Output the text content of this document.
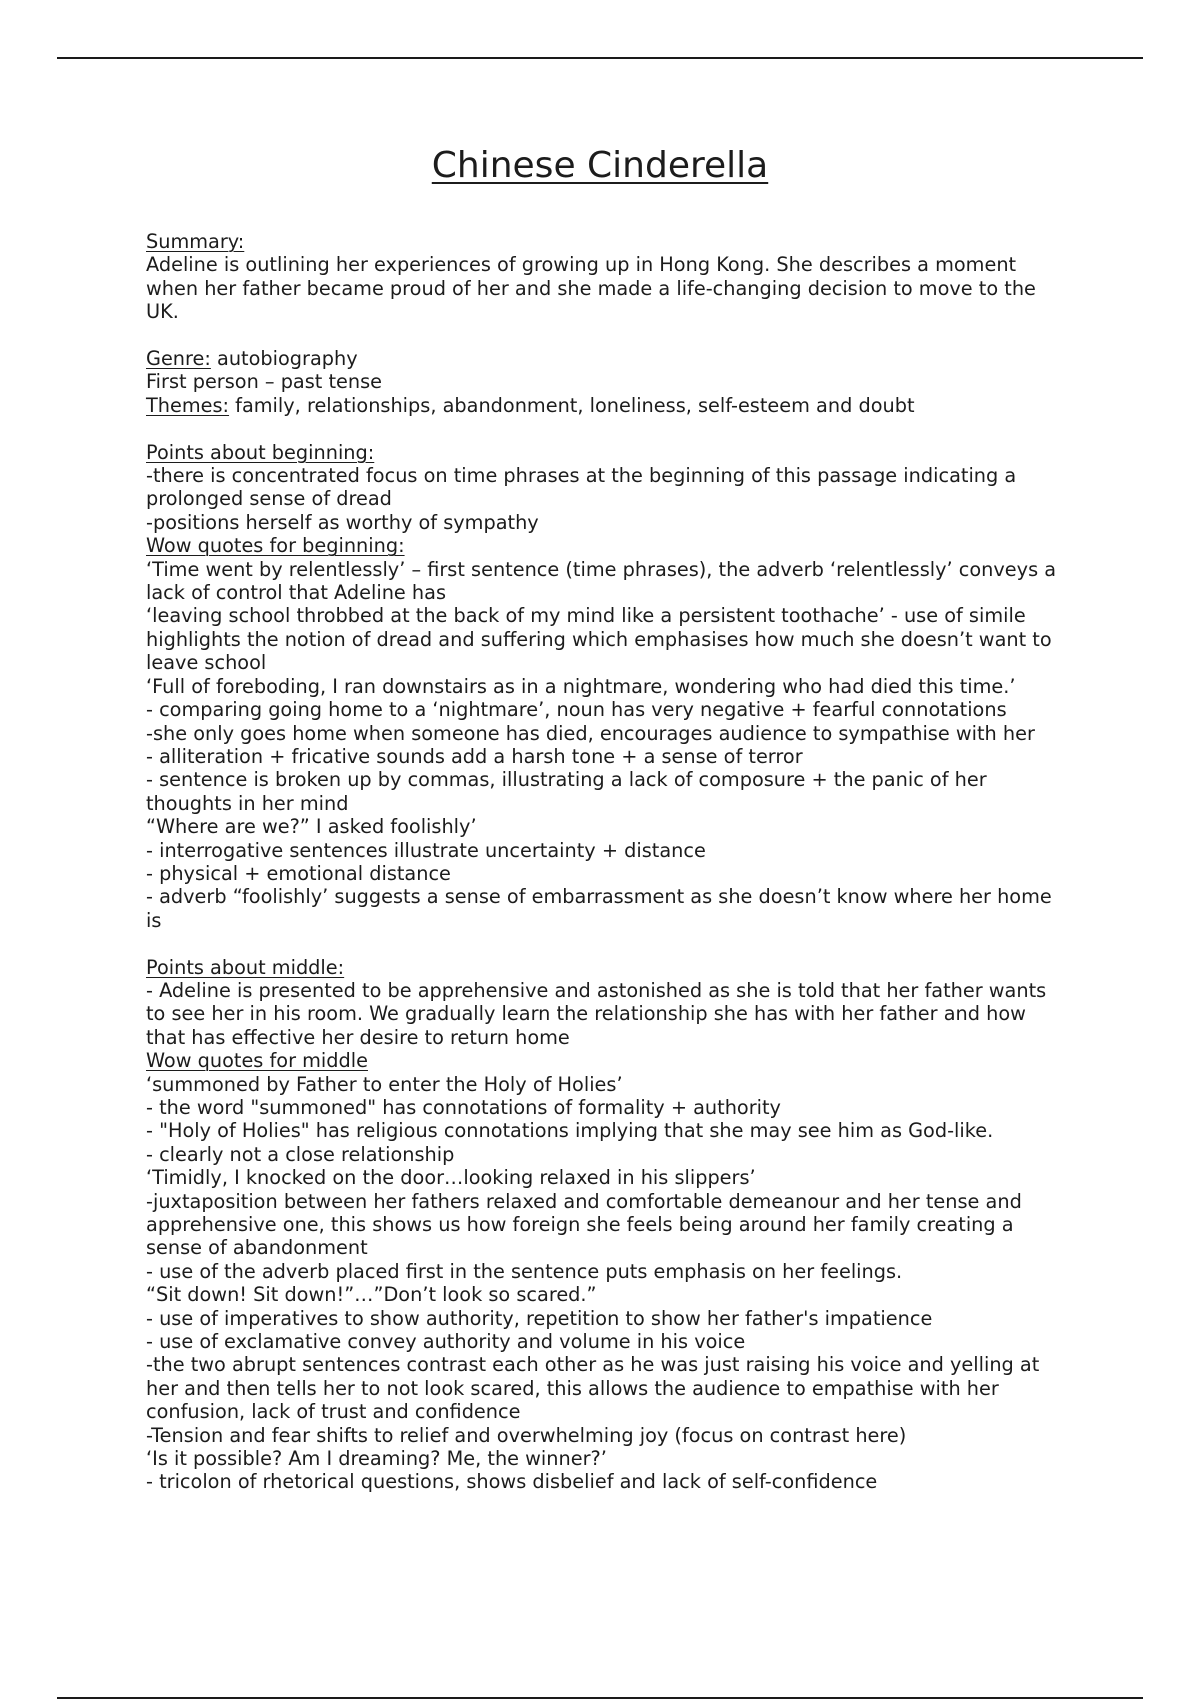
Chinese Cinderella

Summary:

Adeline is outlining her experiences of growing up in Hong Kong. She describes a moment when her father became proud of her and she made a life-changing decision to move to the UK.

Genre: autobiography

First person – past tense

Themes: family, relationships, abandonment, loneliness, self-esteem and doubt

Points about beginning:

-there is concentrated focus on time phrases at the beginning of this passage indicating a prolonged sense of dread

-positions herself as worthy of sympathy

Wow quotes for beginning:

‘Time went by relentlessly’ – first sentence (time phrases), the adverb ‘relentlessly’ conveys a lack of control that Adeline has

‘leaving school throbbed at the back of my mind like a persistent toothache’ - use of simile highlights the notion of dread and suffering which emphasises how much she doesn’t want to leave school

‘Full of foreboding, I ran downstairs as in a nightmare, wondering who had died this time.’

- comparing going home to a ‘nightmare’, noun has very negative + fearful connotations

-she only goes home when someone has died, encourages audience to sympathise with her

- alliteration + fricative sounds add a harsh tone + a sense of terror

- sentence is broken up by commas, illustrating a lack of composure + the panic of her thoughts in her mind

“Where are we?” I asked foolishly’

- interrogative sentences illustrate uncertainty + distance

- physical + emotional distance

- adverb “foolishly’ suggests a sense of embarrassment as she doesn’t know where her home is

Points about middle:

- Adeline is presented to be apprehensive and astonished as she is told that her father wants to see her in his room. We gradually learn the relationship she has with her father and how that has effective her desire to return home

Wow quotes for middle

‘summoned by Father to enter the Holy of Holies’

- the word "summoned" has connotations of formality + authority

- "Holy of Holies" has religious connotations implying that she may see him as God-like.

- clearly not a close relationship

‘Timidly, I knocked on the door…looking relaxed in his slippers’

-juxtaposition between her fathers relaxed and comfortable demeanour and her tense and apprehensive one, this shows us how foreign she feels being around her family creating a sense of abandonment

- use of the adverb placed first in the sentence puts emphasis on her feelings.

“Sit down! Sit down!”…”Don’t look so scared.”

- use of imperatives to show authority, repetition to show her father's impatience

- use of exclamative convey authority and volume in his voice

-the two abrupt sentences contrast each other as he was just raising his voice and yelling at her and then tells her to not look scared, this allows the audience to empathise with her confusion, lack of trust and confidence

-Tension and fear shifts to relief and overwhelming joy (focus on contrast here)

‘Is it possible? Am I dreaming? Me, the winner?’

- tricolon of rhetorical questions, shows disbelief and lack of self-confidence
